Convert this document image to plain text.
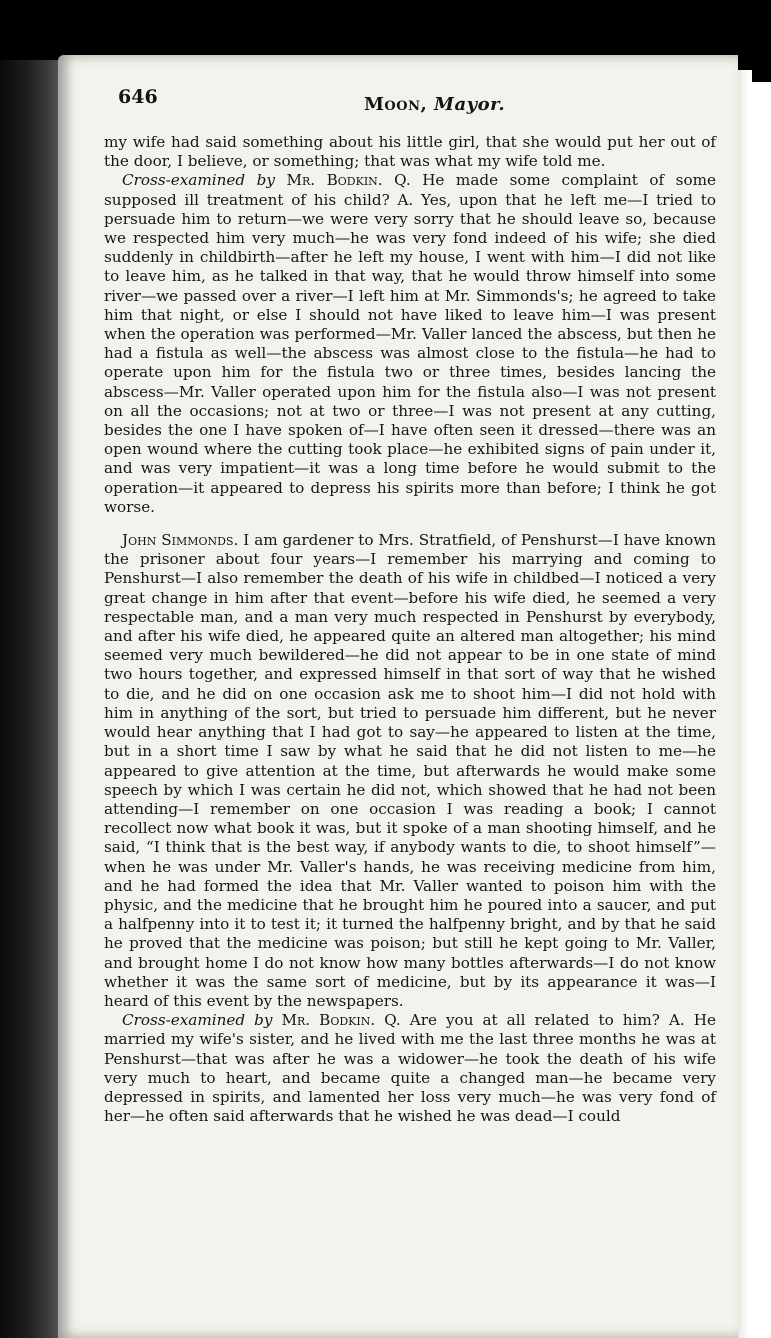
646	Moon, Mayor.

my wife had said something about his little girl, that she would put her out of the door, I believe, or something; that was what my wife told me.

Cross-examined by Mr. Bodkin. Q. He made some complaint of some supposed ill treatment of his child? A. Yes, upon that he left me—I tried to persuade him to return—we were very sorry that he should leave so, because we respected him very much—he was very fond indeed of his wife; she died suddenly in childbirth—after he left my house, I went with him—I did not like to leave him, as he talked in that way, that he would throw himself into some river—we passed over a river—I left him at Mr. Simmonds's; he agreed to take him that night, or else I should not have liked to leave him—I was present when the operation was performed—Mr. Valler lanced the abscess, but then he had a fistula as well—the abscess was almost close to the fistula—he had to operate upon him for the fistula two or three times, besides lancing the abscess—Mr. Valler operated upon him for the fistula also—I was not present on all the occasions; not at two or three—I was not present at any cutting, besides the one I have spoken of—I have often seen it dressed—there was an open wound where the cutting took place—he exhibited signs of pain under it, and was very impatient—it was a long time before he would submit to the operation—it appeared to depress his spirits more than before; I think he got worse.

John Simmonds. I am gardener to Mrs. Stratfield, of Penshurst—I have known the prisoner about four years—I remember his marrying and coming to Penshurst—I also remember the death of his wife in childbed—I noticed a very great change in him after that event—before his wife died, he seemed a very respectable man, and a man very much respected in Penshurst by everybody, and after his wife died, he appeared quite an altered man altogether; his mind seemed very much bewildered—he did not appear to be in one state of mind two hours together, and expressed himself in that sort of way that he wished to die, and he did on one occasion ask me to shoot him—I did not hold with him in anything of the sort, but tried to persuade him different, but he never would hear anything that I had got to say—he appeared to listen at the time, but in a short time I saw by what he said that he did not listen to me—he appeared to give attention at the time, but afterwards he would make some speech by which I was certain he did not, which showed that he had not been attending—I remember on one occasion I was reading a book; I cannot recollect now what book it was, but it spoke of a man shooting himself, and he said, “I think that is the best way, if anybody wants to die, to shoot himself”—when he was under Mr. Valler's hands, he was receiving medicine from him, and he had formed the idea that Mr. Valler wanted to poison him with the physic, and the medicine that he brought him he poured into a saucer, and put a halfpenny into it to test it; it turned the halfpenny bright, and by that he said he proved that the medicine was poison; but still he kept going to Mr. Valler, and brought home I do not know how many bottles afterwards—I do not know whether it was the same sort of medicine, but by its appearance it was—I heard of this event by the newspapers.

Cross-examined by Mr. Bodkin. Q. Are you at all related to him? A. He married my wife's sister, and he lived with me the last three months he was at Penshurst—that was after he was a widower—he took the death of his wife very much to heart, and became quite a changed man—he became very depressed in spirits, and lamented her loss very much—he was very fond of her—he often said afterwards that he wished he was dead—I could
